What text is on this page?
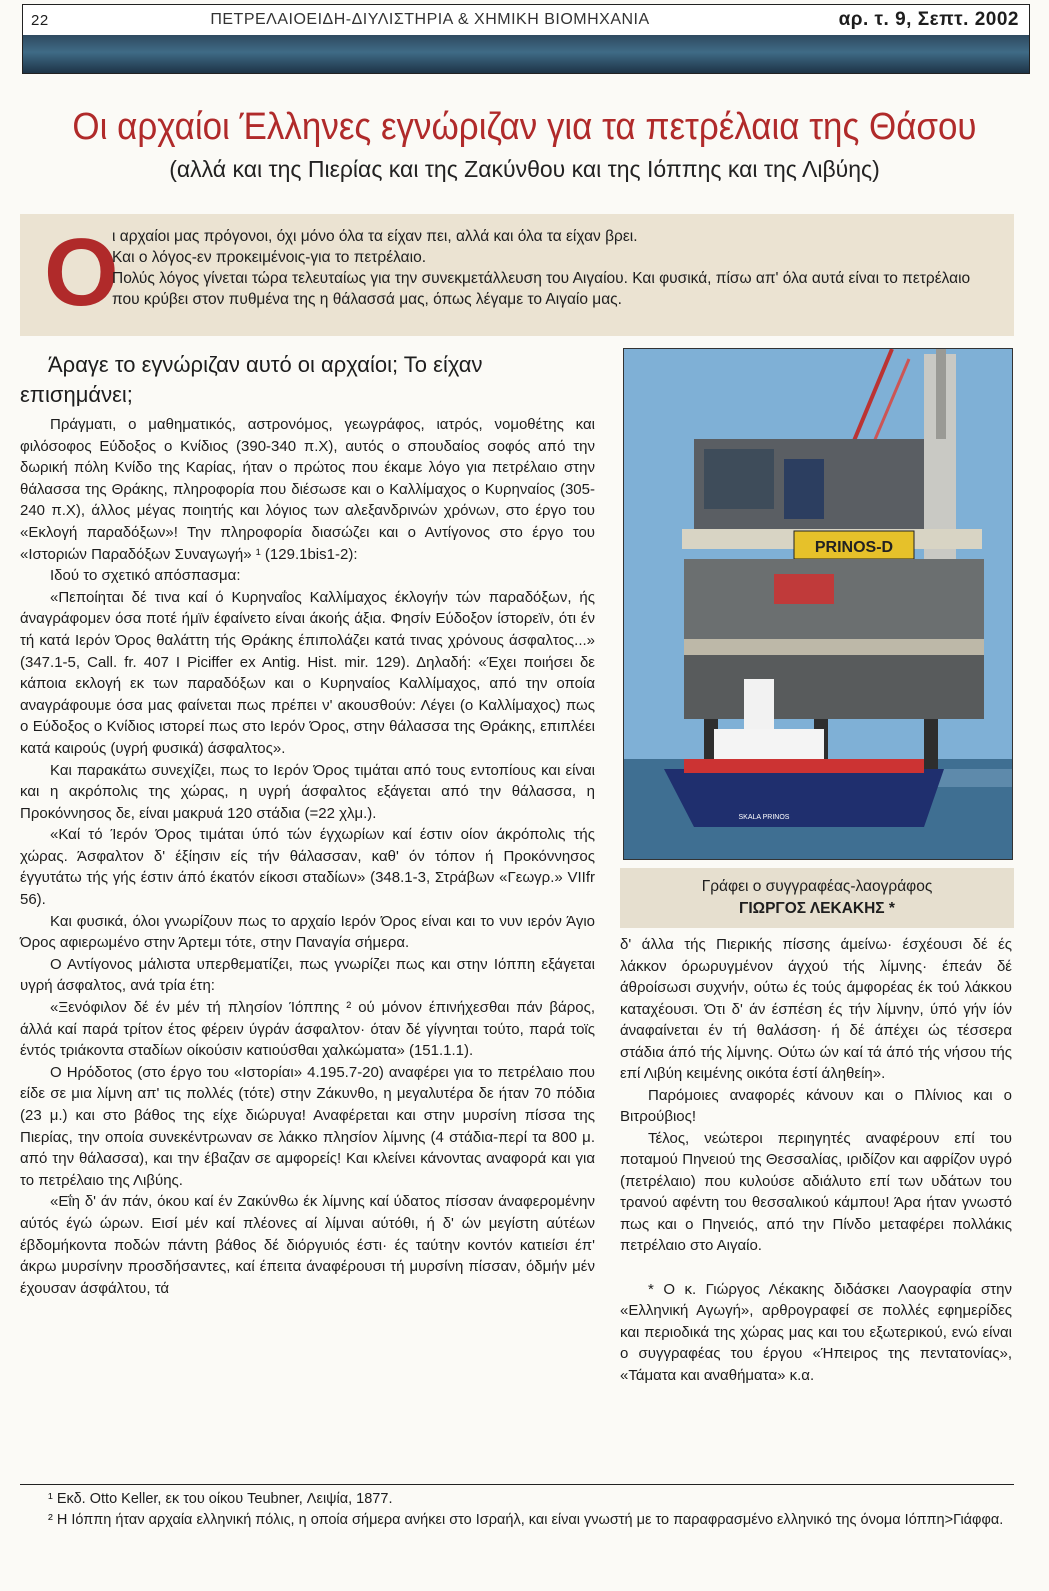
22	ΠΕΤΡΕΛΑΙΟΕΙΔΗ-ΔΙΥΛΙΣΤΗΡΙΑ & ΧΗΜΙΚΗ ΒΙΟΜΗΧΑΝΙΑ	αρ. τ. 9, Σεπτ. 2002
Οι αρχαίοι Έλληνες εγνώριζαν για τα πετρέλαια της Θάσου
(αλλά και της Πιερίας και της Ζακύνθου και της Ιόππης και της Λιβύης)
Ο

ι αρχαίοι μας πρόγονοι, όχι μόνο όλα τα είχαν πει, αλλά και όλα τα είχαν βρει.

Και ο λόγος-εν προκειμένοις-για το πετρέλαιο.

Πολύς λόγος γίνεται τώρα τελευταίως για την συνεκμετάλλευση του Αιγαίου. Και φυσικά, πίσω απ' όλα αυτά είναι το πετρέλαιο που κρύβει στον πυθμένα της η θάλασσά μας, όπως λέγαμε το Αιγαίο μας.

Άραγε το εγνώριζαν αυτό οι αρχαίοι; Το είχαν επισημάνει;

Πράγματι, ο μαθηματικός, αστρονόμος, γεωγράφος, ιατρός, νομοθέτης και φιλόσοφος Εύδοξος ο Κνίδιος (390-340 π.Χ), αυτός ο σπουδαίος σοφός από την δωρική πόλη Κνίδο της Καρίας, ήταν ο πρώτος που έκαμε λόγο για πετρέλαιο στην θάλασσα της Θράκης, πληροφορία που διέσωσε και ο Καλλίμαχος ο Κυρηναίος (305-240 π.Χ), άλλος μέγας ποιητής και λόγιος των αλεξανδρινών χρόνων, στο έργο του «Εκλογή παραδόξων»! Την πληροφορία διασώζει και ο Αντίγονος στο έργο του «Ιστοριών Παραδόξων Συναγωγή» ¹ (129.1bis1-2):

Ιδού το σχετικό απόσπασμα:

«Πεποίηται δέ τινα καί ό Κυρηναΐος Καλλίμαχος έκλογήν τών παραδόξων, ής άναγράφομεν όσα ποτέ ήμϊν έφαίνετο είναι άκοής άξια. Φησίν Εύδοξον ίστορεϊν, ότι έν τή κατά Ιερόν Όρος θαλάττη τής Θράκης έπιπολάζει κατά τινας χρόνους άσφαλτος...» (347.1-5, Call. fr. 407 I Piciffer ex Antig. Hist. mir. 129). Δηλαδή: «Έχει ποιήσει δε κάποια εκλογή εκ των παραδόξων και ο Κυρηναίος Καλλίμαχος, από την οποία αναγράφουμε όσα μας φαίνεται πως πρέπει ν' ακουσθούν: Λέγει (ο Καλλίμαχος) πως ο Εύδοξος ο Κνίδιος ιστορεί πως στο Ιερόν Όρος, στην θάλασσα της Θράκης, επιπλέει κατά καιρούς (υγρή φυσικά) άσφαλτος».

Και παρακάτω συνεχίζει, πως το Ιερόν Όρος τιμάται από τους εντοπίους και είναι και η ακρόπολις της χώρας, η υγρή άσφαλτος εξάγεται από την θάλασσα, η Προκόννησος δε, είναι μακρυά 120 στάδια (=22 χλμ.).

«Καί τό Ίερόν Όρος τιμάται ύπό τών έγχωρίων καί έστιν οίον άκρόπολις τής χώρας. Άσφαλτον δ' έξίησιν είς τήν θάλασσαν, καθ' όν τόπον ή Προκόννησος έγγυτάτω τής γής έστιν άπό έκατόν είκοσι σταδίων» (348.1-3, Στράβων «Γεωγρ.» VIIfr 56).

Και φυσικά, όλοι γνωρίζουν πως το αρχαίο Ιερόν Όρος είναι και το νυν ιερόν Άγιο Όρος αφιερωμένο στην Άρτεμι τότε, στην Παναγία σήμερα.

Ο Αντίγονος μάλιστα υπερθεματίζει, πως γνωρίζει πως και στην Ιόππη εξάγεται υγρή άσφαλτος, ανά τρία έτη:

«Ξενόφιλον δέ έν μέν τή πλησίον Ίόππης ² ού μόνον έπινήχεσθαι πάν βάρος, άλλά καί παρά τρίτον έτος φέρειν ύγράν άσφαλτον· όταν δέ γίγνηται τούτο, παρά τοϊς έντός τριάκοντα σταδίων οίκούσιν κατιούσθαι χαλκώματα» (151.1.1).

Ο Ηρόδοτος (στο έργο του «Ιστορίαι» 4.195.7-20) αναφέρει για το πετρέλαιο που είδε σε μια λίμνη απ' τις πολλές (τότε) στην Ζάκυνθο, η μεγαλυτέρα δε ήταν 70 πόδια (23 μ.) και στο βάθος της είχε διώρυγα! Αναφέρεται και στην μυρσίνη πίσσα της Πιερίας, την οποία συνεκέντρωναν σε λάκκο πλησίον λίμνης (4 στάδια-περί τα 800 μ. από την θάλασσα), και την έβαζαν σε αμφορείς! Και κλείνει κάνοντας αναφορά και για το πετρέλαιο της Λιβύης.

«Εΐη δ' άν πάν, όκου καί έν Ζακύνθω έκ λίμνης καί ύδατος πίσσαν άναφερομένην αύτός έγώ ώρων. Εισί μέν καί πλέονες αί λίμναι αύτόθι, ή δ' ών μεγίστη αύτέων έβδομήκοντα ποδών πάντη βάθος δέ διόργυιός έστι· ές ταύτην κοντόν κατιείσι έπ' άκρω μυρσίνην προσδήσαντες, καί έπειτα άναφέρουσι τή μυρσίνη πίσσαν, όδμήν μέν έχουσαν άσφάλτου, τά

PRINOS-D
SKALA PRINOS
Γράφει ο συγγραφέας-λαογράφος
ΓΙΩΡΓΟΣ ΛΕΚΑΚΗΣ *

δ' άλλα τής Πιερικής πίσσης άμείνω· έσχέουσι δέ ές λάκκον όρωρυγμένον άγχού τής λίμνης· έπεάν δέ άθροίσωσι συχνήν, ούτω ές τούς άμφορέας έκ τού λάκκου καταχέουσι. Ότι δ' άν έσπέση ές τήν λίμνην, ύπό γήν ίόν άναφαίνεται έν τή θαλάσση· ή δέ άπέχει ώς τέσσερα στάδια άπό τής λίμνης. Ούτω ών καί τά άπό τής νήσου τής επί Λιβύη κειμένης οικότα έστί άληθείη».

Παρόμοιες αναφορές κάνουν και ο Πλίνιος και ο Βιτρούβιος!

Τέλος, νεώτεροι περιηγητές αναφέρουν επί του ποταμού Πηνειού της Θεσσαλίας, ιριδίζον και αφρίζον υγρό (πετρέλαιο) που κυλούσε αδιάλυτο επί των υδάτων του τρανού αφέντη του θεσσαλικού κάμπου! Άρα ήταν γνωστό πως και ο Πηνειός, από την Πίνδο μεταφέρει πολλάκις πετρέλαιο στο Αιγαίο.

* Ο κ. Γιώργος Λέκακης διδάσκει Λαογραφία στην «Ελληνική Αγωγή», αρθρογραφεί σε πολλές εφημερίδες και περιοδικά της χώρας μας και του εξωτερικού, ενώ είναι ο συγγραφέας του έργου «Ήπειρος της πεντατονίας», «Τάματα και αναθήματα» κ.α.

¹ Εκδ. Otto Keller, εκ του οίκου Teubner, Λειψία, 1877.

² Η Ιόππη ήταν αρχαία ελληνική πόλις, η οποία σήμερα ανήκει στο Ισραήλ, και είναι γνωστή με το παραφρασμένο ελληνικό της όνομα Ιόππη>Γιάφφα.
